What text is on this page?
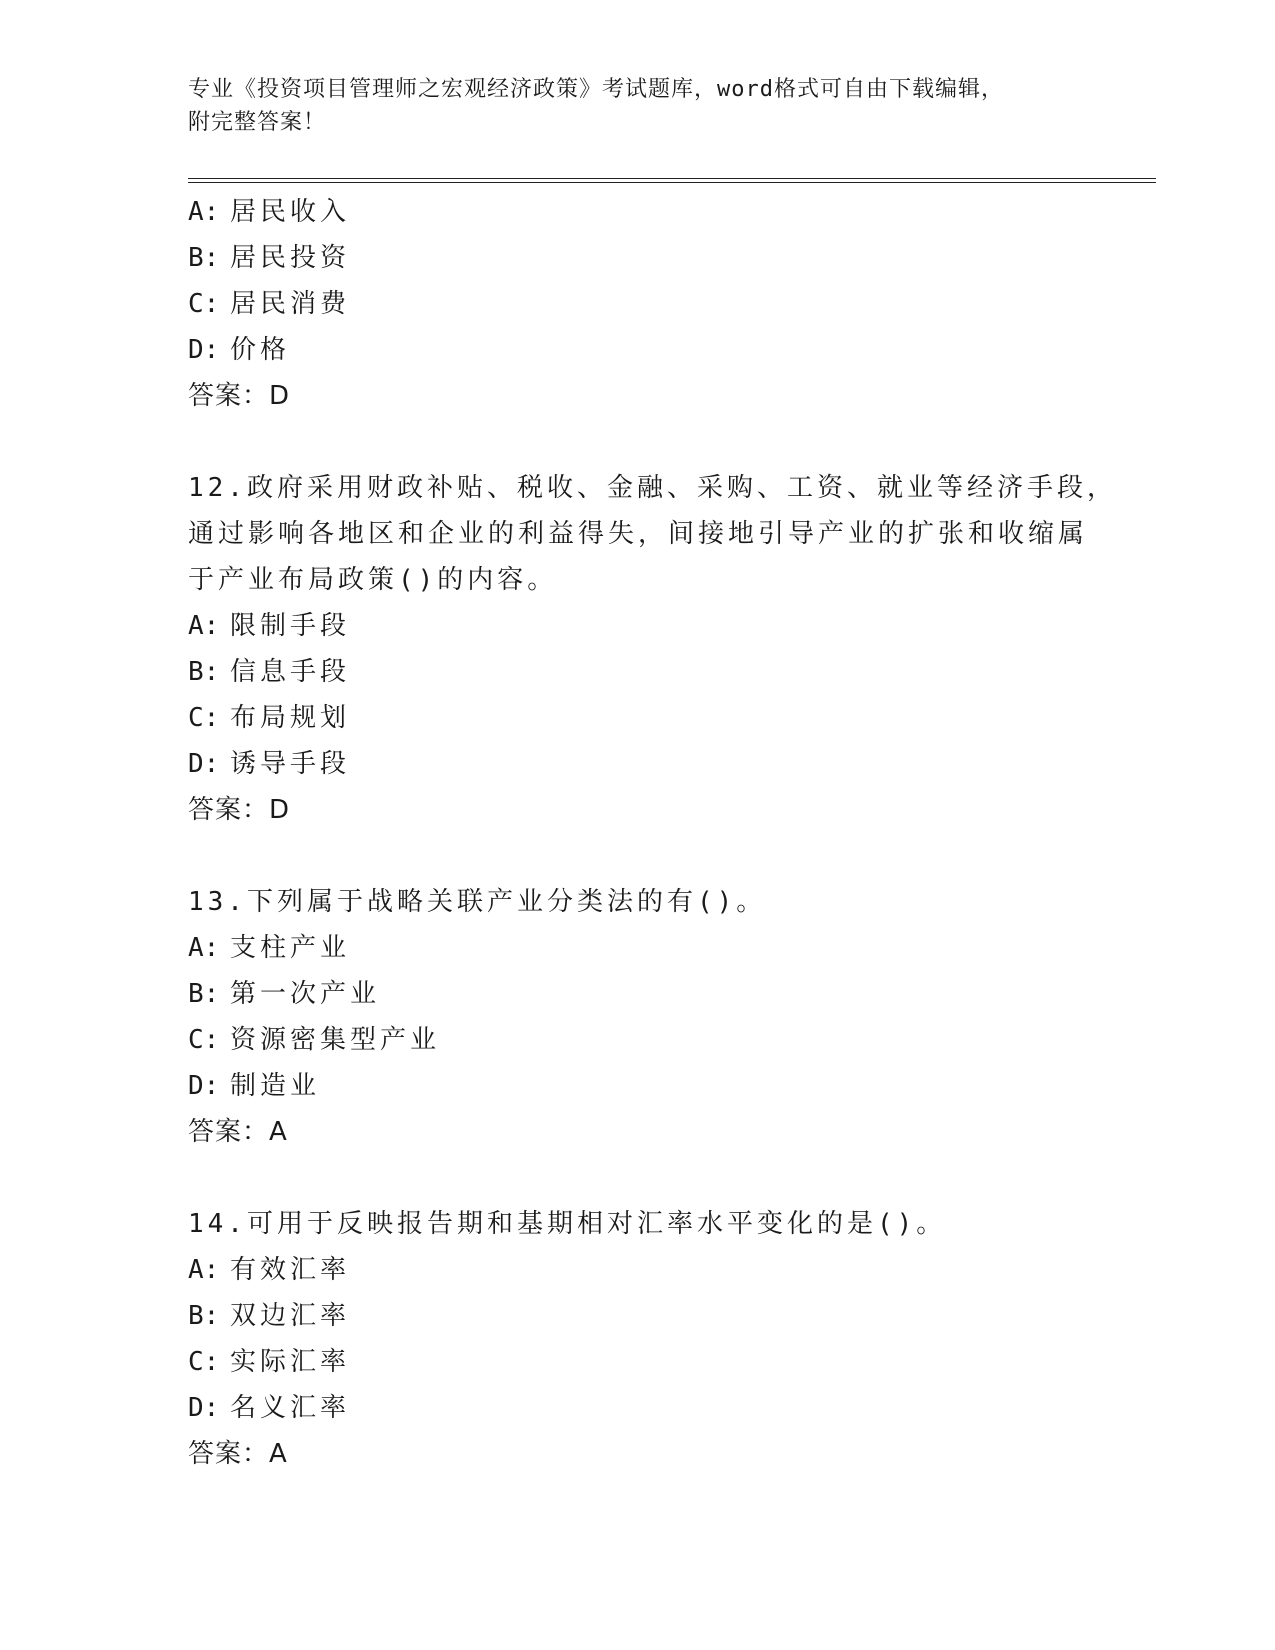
专业《投资项目管理师之宏观经济政策》考试题库，word格式可自由下载编辑，
附完整答案！
A: 居民收入
B: 居民投资
C: 居民消费
D: 价格
答案：D
12.政府采用财政补贴、税收、金融、采购、工资、就业等经济手段，
通过影响各地区和企业的利益得失，间接地引导产业的扩张和收缩属
于产业布局政策()的内容。
A: 限制手段
B: 信息手段
C: 布局规划
D: 诱导手段
答案：D
13.下列属于战略关联产业分类法的有()。
A: 支柱产业
B: 第一次产业
C: 资源密集型产业
D: 制造业
答案：A
14.可用于反映报告期和基期相对汇率水平变化的是()。
A: 有效汇率
B: 双边汇率
C: 实际汇率
D: 名义汇率
答案：A
